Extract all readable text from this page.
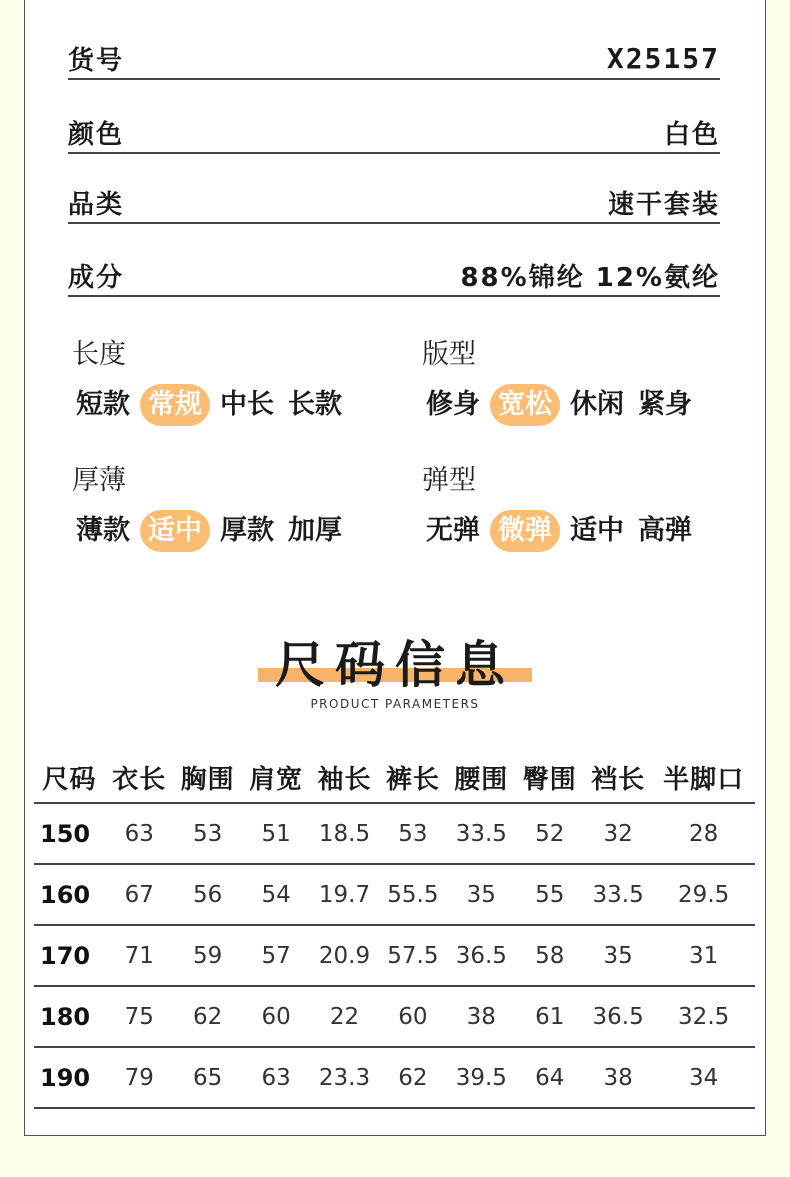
货号	X25157
颜色	白色
品类	速干套装
成分	88%锦纶 12%氨纶
长度
短款 常规 中长 长款
版型
修身 宽松 休闲 紧身
厚薄
薄款 适中 厚款 加厚
弹型
无弹 微弹 适中 高弹
尺码信息
PRODUCT PARAMETERS
尺码	衣长	胸围	肩宽	袖长	裤长	腰围	臀围	裆长	半脚口
150	63	53	51	18.5	53	33.5	52	32	28
160	67	56	54	19.7	55.5	35	55	33.5	29.5
170	71	59	57	20.9	57.5	36.5	58	35	31
180	75	62	60	22	60	38	61	36.5	32.5
190	79	65	63	23.3	62	39.5	64	38	34
